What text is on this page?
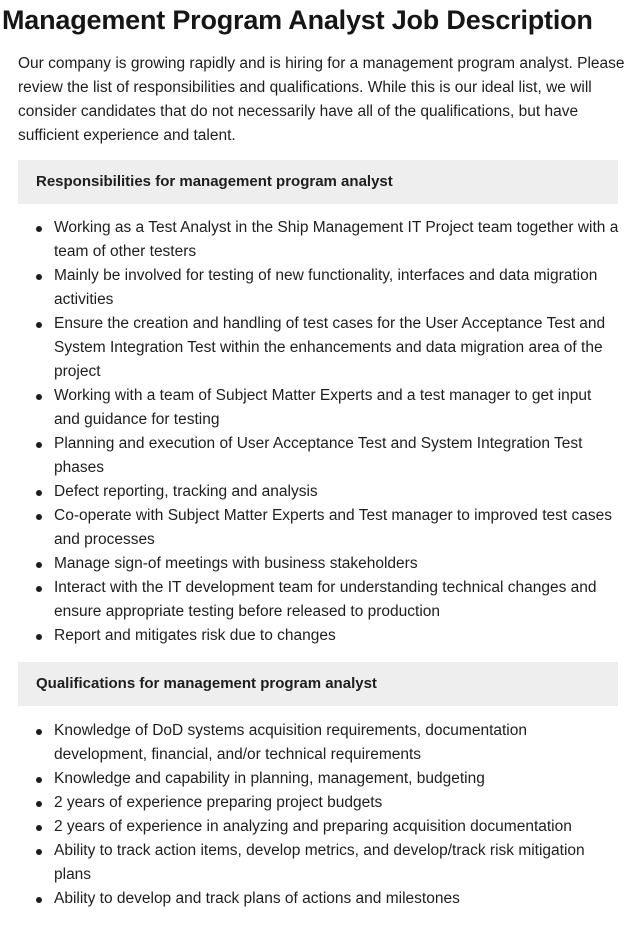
Management Program Analyst Job Description

Our company is growing rapidly and is hiring for a management program analyst. Please review the list of responsibilities and qualifications. While this is our ideal list, we will consider candidates that do not necessarily have all of the qualifications, but have sufficient experience and talent.

Responsibilities for management program analyst
Working as a Test Analyst in the Ship Management IT Project team together with a team of other testers
Mainly be involved for testing of new functionality, interfaces and data migration activities
Ensure the creation and handling of test cases for the User Acceptance Test and System Integration Test within the enhancements and data migration area of the project
Working with a team of Subject Matter Experts and a test manager to get input and guidance for testing
Planning and execution of User Acceptance Test and System Integration Test phases
Defect reporting, tracking and analysis
Co-operate with Subject Matter Experts and Test manager to improved test cases and processes
Manage sign-of meetings with business stakeholders
Interact with the IT development team for understanding technical changes and ensure appropriate testing before released to production
Report and mitigates risk due to changes
Qualifications for management program analyst
Knowledge of DoD systems acquisition requirements, documentation development, financial, and/or technical requirements
Knowledge and capability in planning, management, budgeting
2 years of experience preparing project budgets
2 years of experience in analyzing and preparing acquisition documentation
Ability to track action items, develop metrics, and develop/track risk mitigation plans
Ability to develop and track plans of actions and milestones
